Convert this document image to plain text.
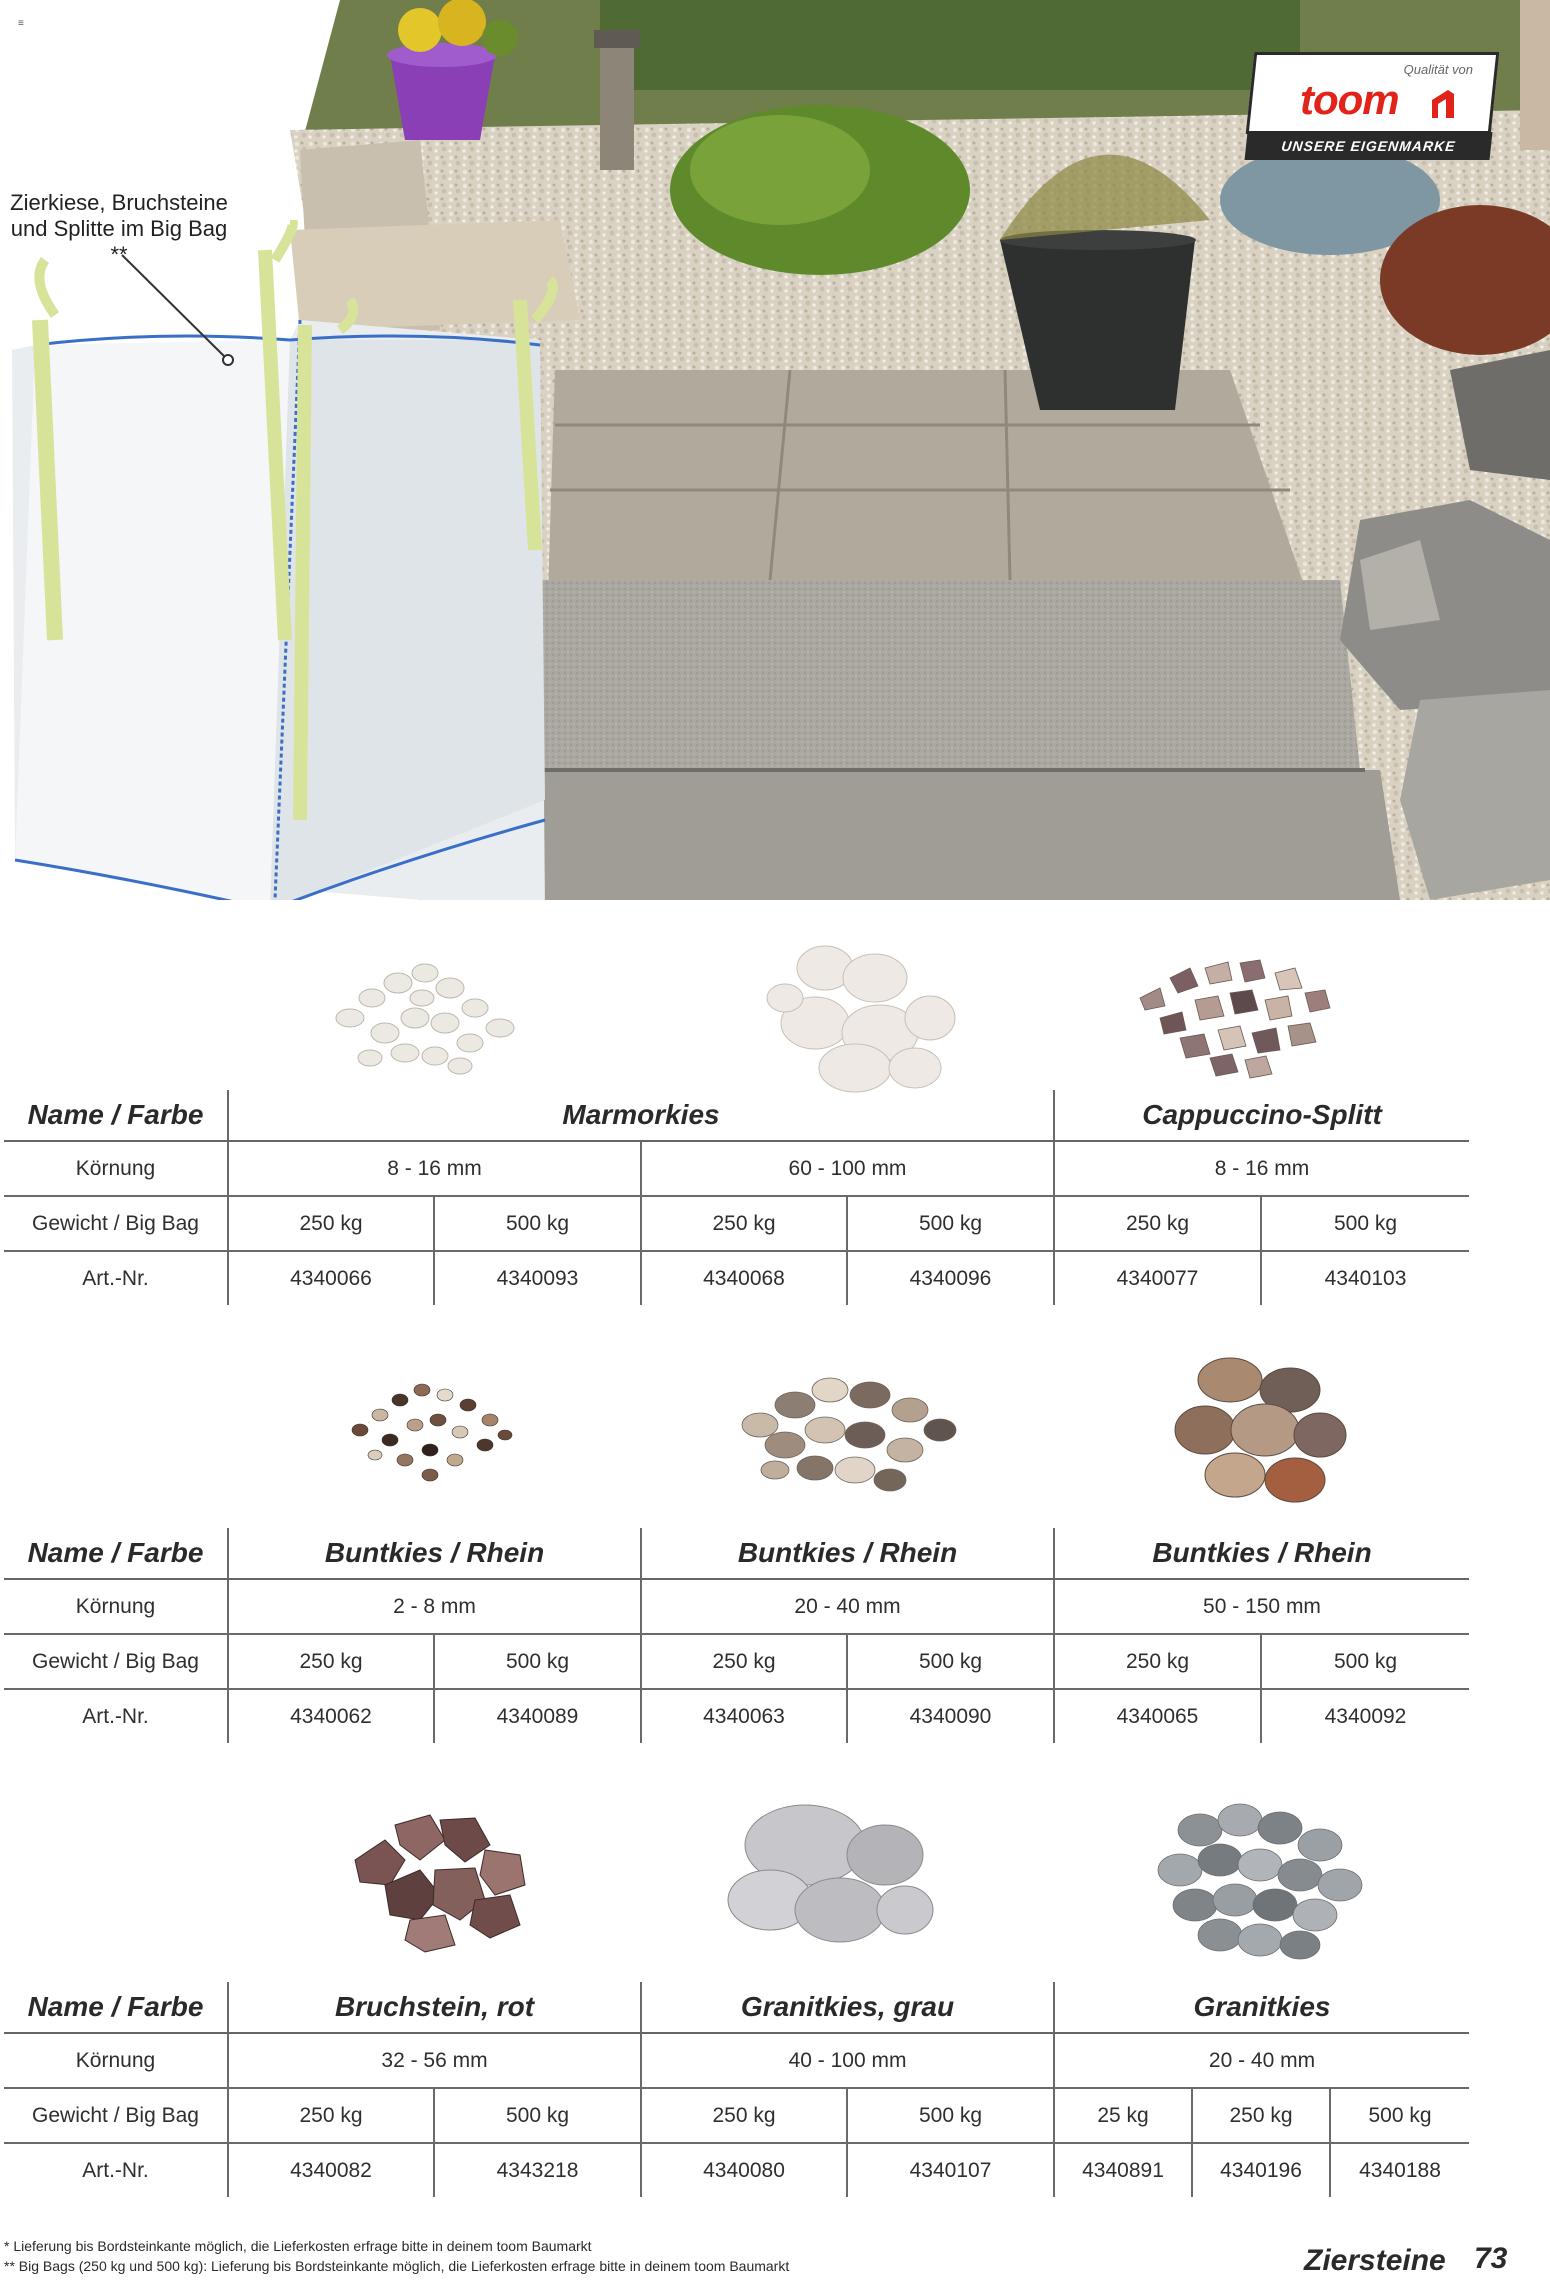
≡
Zierkiese, Bruchsteine und Splitte im Big Bag **
Qualität von
toom
UNSERE EIGENMARKE
Name / Farbe	Marmorkies				Cappuccino-Splitt	
Körnung	8 - 16 mm		60 - 100 mm		8 - 16 mm	
Gewicht / Big Bag	250 kg	500 kg	250 kg	500 kg	250 kg	500 kg
Art.-Nr.	4340066	4340093	4340068	4340096	4340077	4340103
Name / Farbe	Buntkies / Rhein		Buntkies / Rhein		Buntkies / Rhein	
Körnung	2 - 8 mm		20 - 40 mm		50 - 150 mm	
Gewicht / Big Bag	250 kg	500 kg	250 kg	500 kg	250 kg	500 kg
Art.-Nr.	4340062	4340089	4340063	4340090	4340065	4340092
Name / Farbe	Bruchstein, rot		Granitkies, grau		Granitkies		
Körnung	32 - 56 mm		40 - 100 mm		20 - 40 mm		
Gewicht / Big Bag	250 kg	500 kg	250 kg	500 kg	25 kg	250 kg	500 kg
Art.-Nr.	4340082	4343218	4340080	4340107	4340891	4340196	4340188
* Lieferung bis Bordsteinkante möglich, die Lieferkosten erfrage bitte in deinem toom Baumarkt
** Big Bags (250 kg und 500 kg): Lieferung bis Bordsteinkante möglich, die Lieferkosten erfrage bitte in deinem toom Baumarkt	Ziersteine 73
